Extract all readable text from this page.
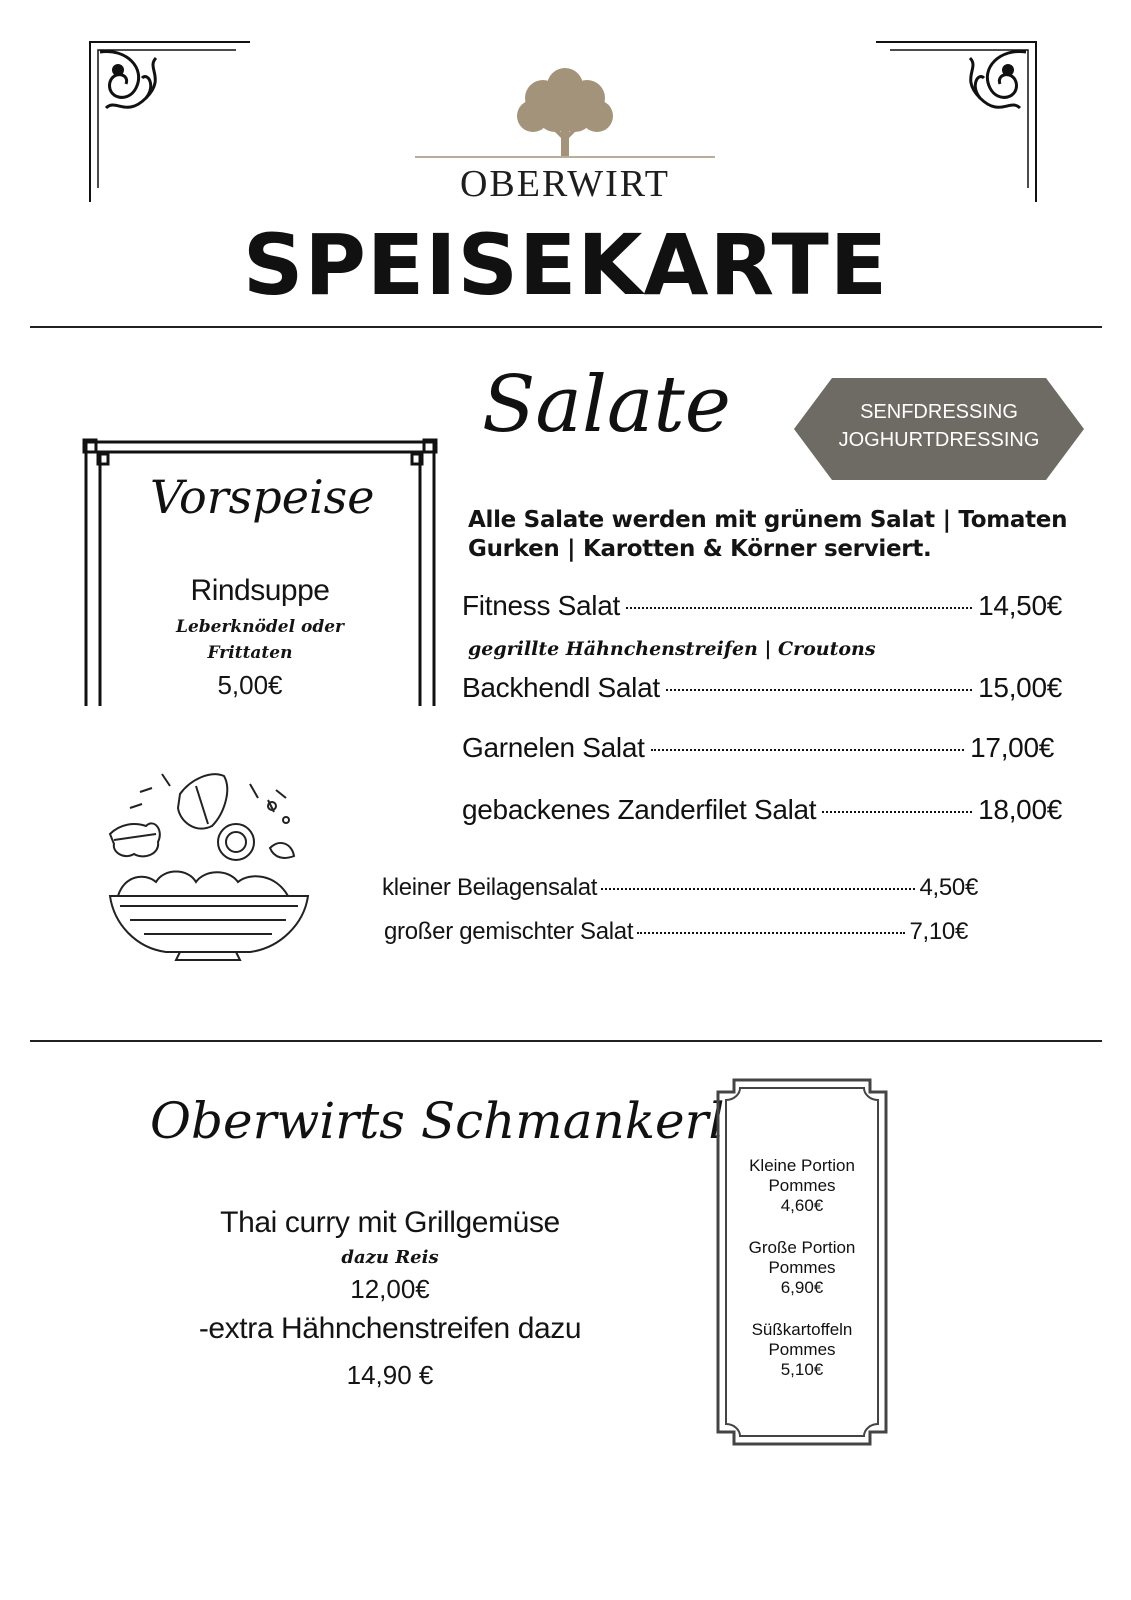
OBERWIRT
SPEISEKARTE
Vorspeise
Rindsuppe
Leberknödel oder
Frittaten
5,00€
Salate	SENFDRESSING
JOGHURTDRESSING
Alle Salate werden mit grünem Salat | Tomaten
Gurken | Karotten & Körner serviert.
Fitness Salat	14,50€
gegrillte Hähnchenstreifen | Croutons
Backhendl Salat	15,00€
Garnelen Salat	17,00€
gebackenes Zanderfilet Salat	18,00€
kleiner Beilagensalat	4,50€
großer gemischter Salat	7,10€
Oberwirts Schmankerl
Thai curry mit Grillgemüse
dazu Reis
12,00€
-extra Hähnchenstreifen dazu
14,90 €
Kleine Portion
Pommes
4,60€
Große Portion
Pommes
6,90€
Süßkartoffeln
Pommes
5,10€
